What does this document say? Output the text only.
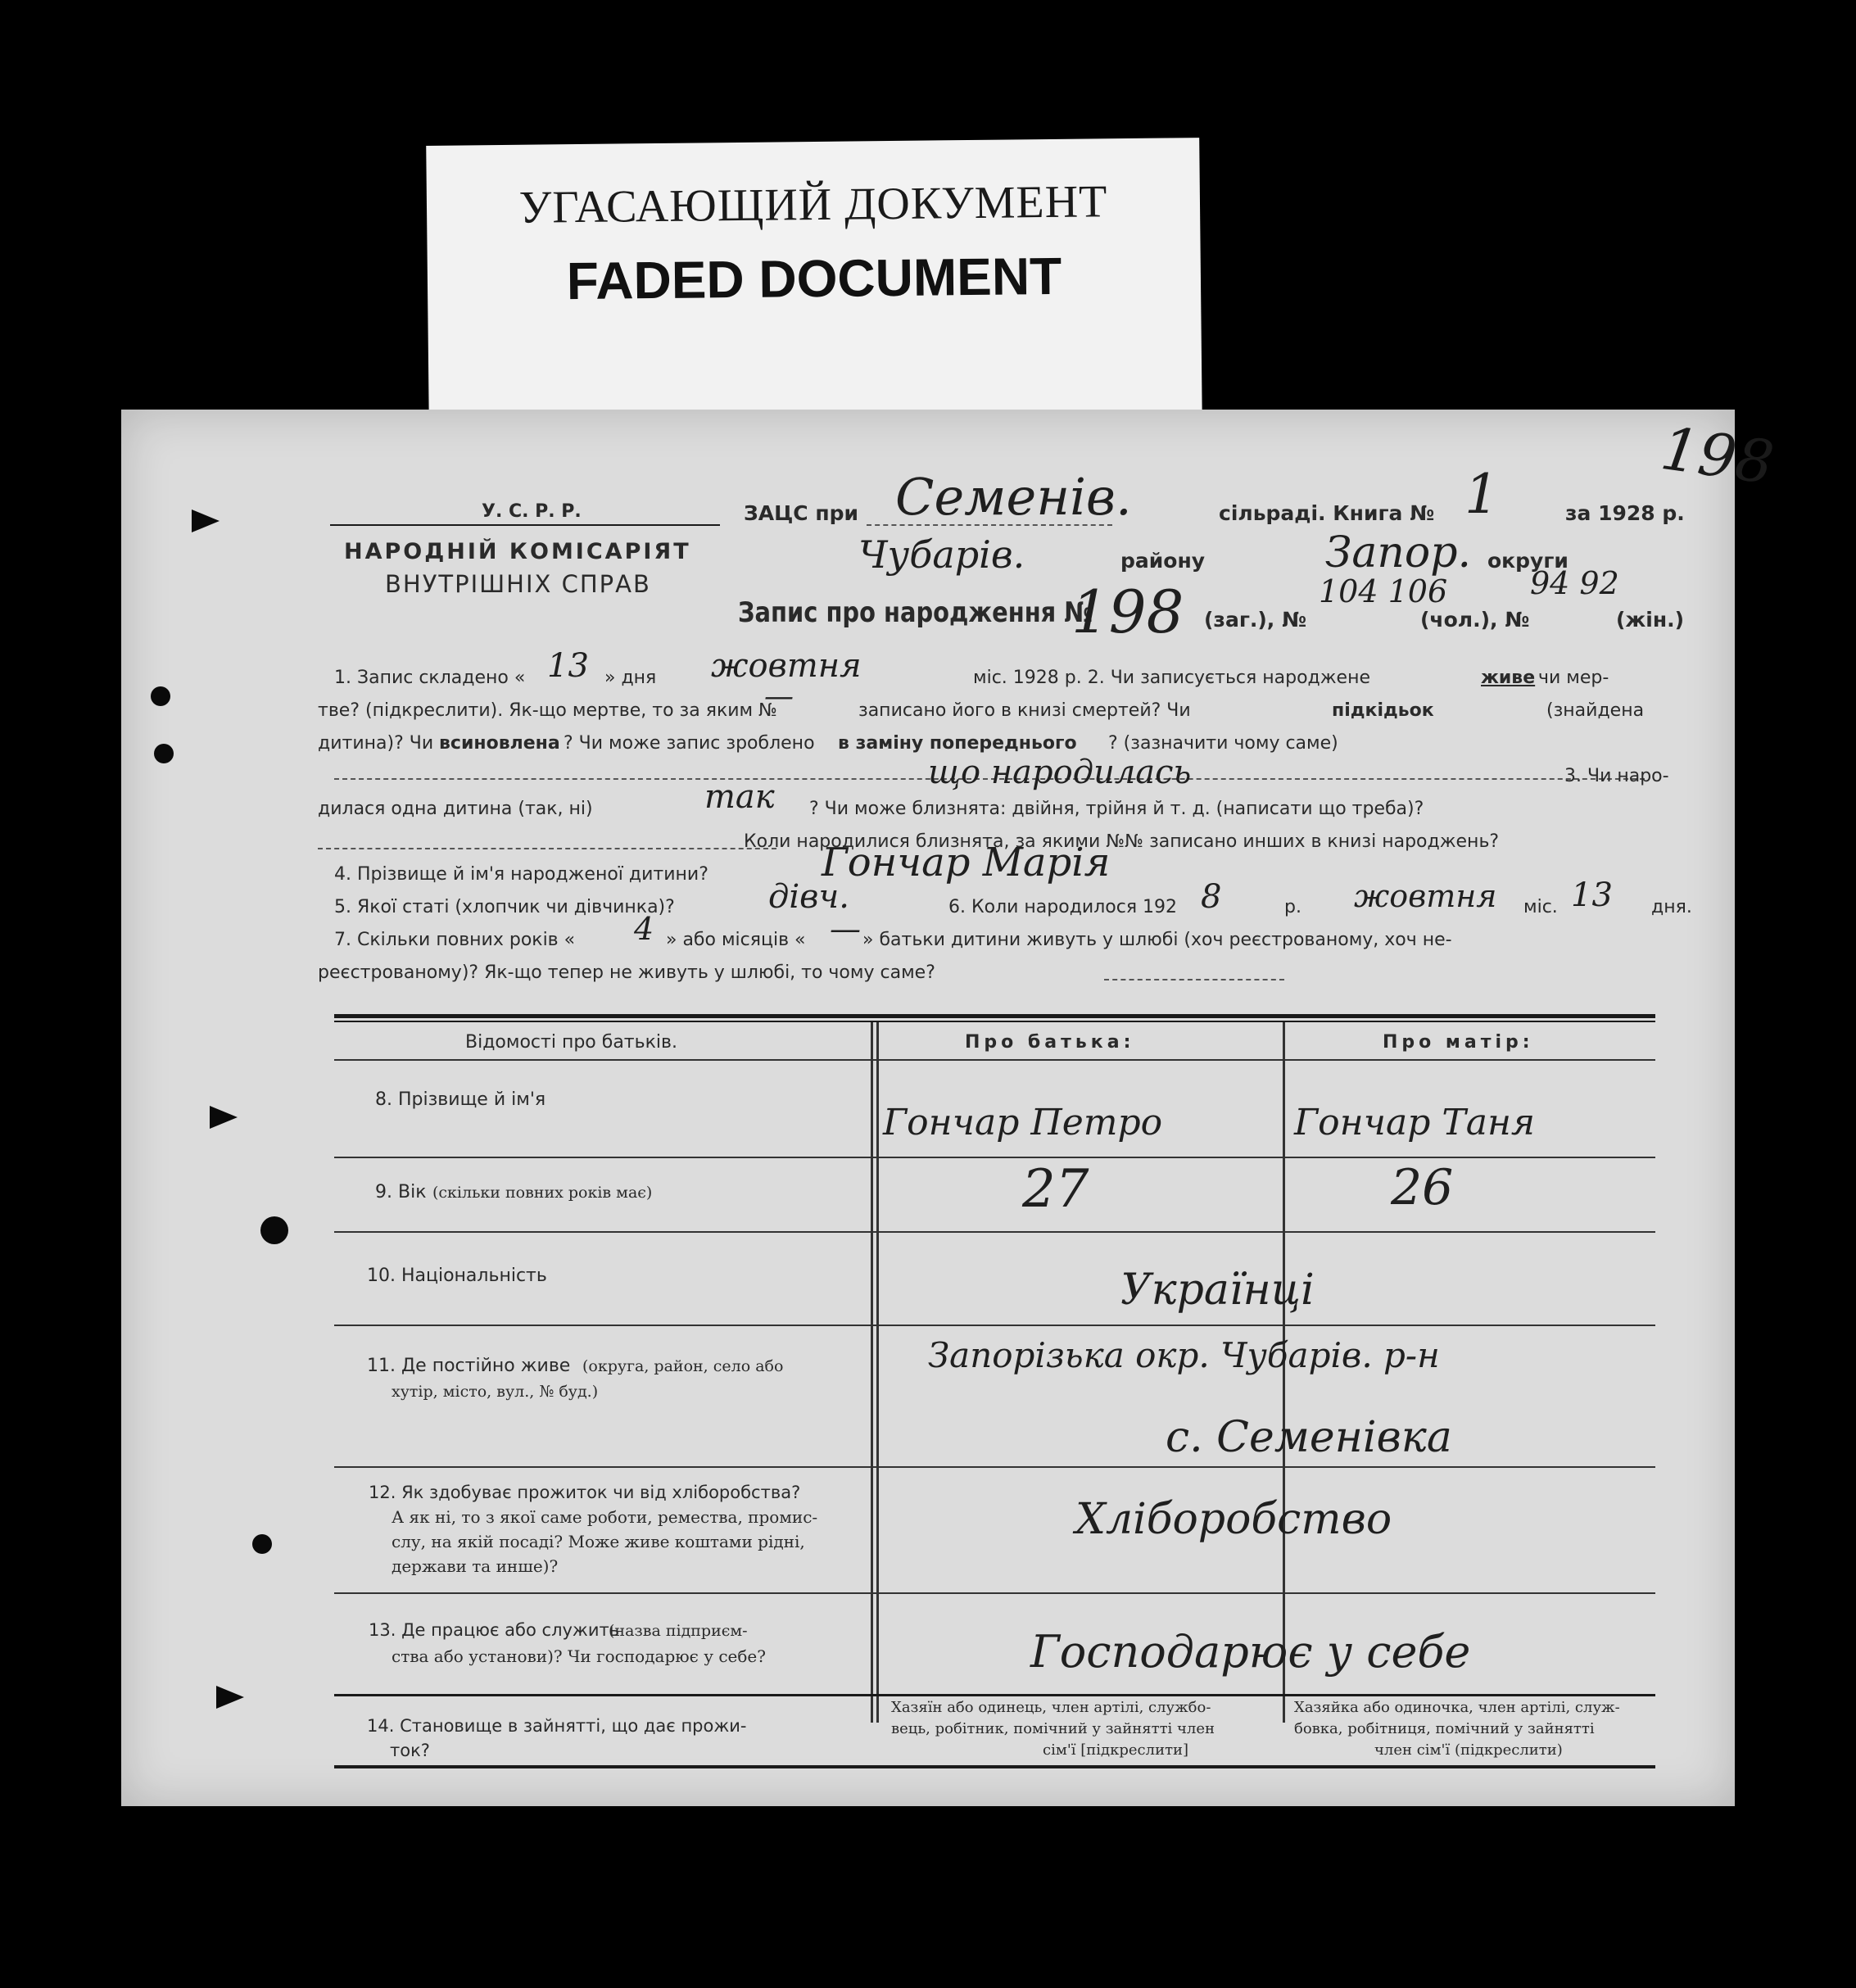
УГАСАЮЩИЙ ДОКУМЕНТ
FADED DOCUMENT
198
У. С. Р. Р.
НАРОДНІЙ КОМІСАРІЯТ
ВНУТРІШНІХ СПРАВ
ЗАЦС при Семенів.	сільраді. Книга № 1	за 1928 р.
Чубарів.	району	Запор. округи
Запис про народження №
198 (заг.), №
104 106
(чол.), №
94 92
(жін.)
1. Запис складено « 13 » дня жовтня	міс. 1928 р. 2. Чи записується народжене	живе чи мер-
тве? (підкреслити). Як-що мертве, то за яким №
—	записано його в книзі смертей? Чи	підкідьок	(знайдена
дитина)? Чи всиновлена ? Чи може запис зроблено в заміну попереднього ? (зазначити чому саме)
що народилась	3. Чи наро-
дилася одна дитина (так, ні)	так ? Чи може близнята: двійня, трійня й т. д. (написати що треба)?
Коли народилися близнята, за якими №№ записано инших в книзі народжень?
4. Прізвище й ім'я народженої дитини?	Гончар Марія
5. Якої статі (хлопчик чи дівчинка)?	дівч.	6. Коли народилося 192 8	р. жовтня міс. 13 дня.
7. Скільки повних років « 4 » або місяців « — » батьки дитини живуть у шлюбі (хоч реєстрованому, хоч не-
реєстрованому)? Як-що тепер не живуть у шлюбі, то чому саме?
Відомості про батьків.	Про батька:	Про матір:
8. Прізвище й ім'я
Гончар Петро	Гончар Таня
9. Вік (скільки повних років має)	27	26
10. Національність	Українці
11. Де постійно живе (округа, район, село або
хутір, місто, вул., № буд.)
Запорізька окр. Чубарів. р-н
с. Семенівка
12. Як здобуває прожиток чи від хліборобства?
А як ні, то з якої саме роботи, ремества, промис-
слу, на якій посаді? Може живе коштами рідні,
держави та инше)?
Хліборобство
13. Де працює або служить
(назва підприєм-
ства або установи)? Чи господарює у себе?	Господарює у себе
14. Становище в зайнятті, що дає прожи-
ток?
Хазяїн або одинець, член артілі, службо-
вець, робітник, помічний у зайнятті член
сім'ї [підкреслити]
Хазяйка або одиночка, член артілі, служ-
бовка, робітниця, помічний у зайнятті
член сім'ї (підкреслити)
